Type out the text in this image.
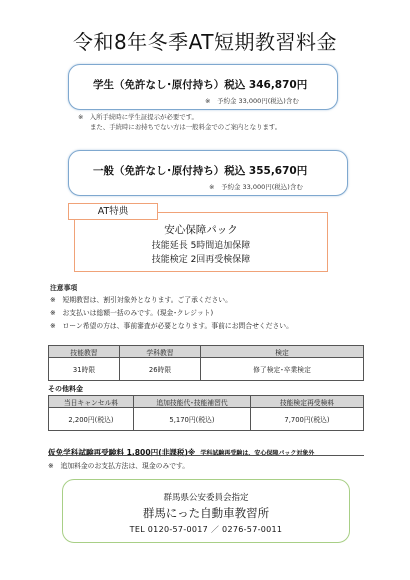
令和8年冬季AT短期教習料金
学生（免許なし･原付持ち）税込 346,870円
※　予約金 33,000円(税込)含む
※　入所手続時に学生証提示が必要です。
また、手続時にお持ちでない方は一般料金でのご案内となります。
一般（免許なし･原付持ち）税込 355,670円
※　予約金 33,000円(税込)含む
安心保障パック
技能延長 5時間追加保障
技能検定 2回再受検保障
AT特典
注意事項
※　短期教習は、割引対象外となります。ご了承ください。
※　お支払いは総額一括のみです。(現金･クレジット)
※　ローン希望の方は、事前審査が必要となります。事前にお問合せください。
技能教習	学科教習	検定
31時限	26時限	修了検定･卒業検定
その他料金
当日キャンセル料	追加技能代･技能補習代	技能検定再受検料
2,200円(税込)	5,170円(税込)	7,700円(税込)
仮免学科試験再受験料 1,800円(非課税)※ 学科試験再受験は、安心保障パック対象外
※　追加料金のお支払方法は、現金のみです。
群馬県公安委員会指定
群馬にった自動車教習所
TEL 0120-57-0017 ／ 0276-57-0011
